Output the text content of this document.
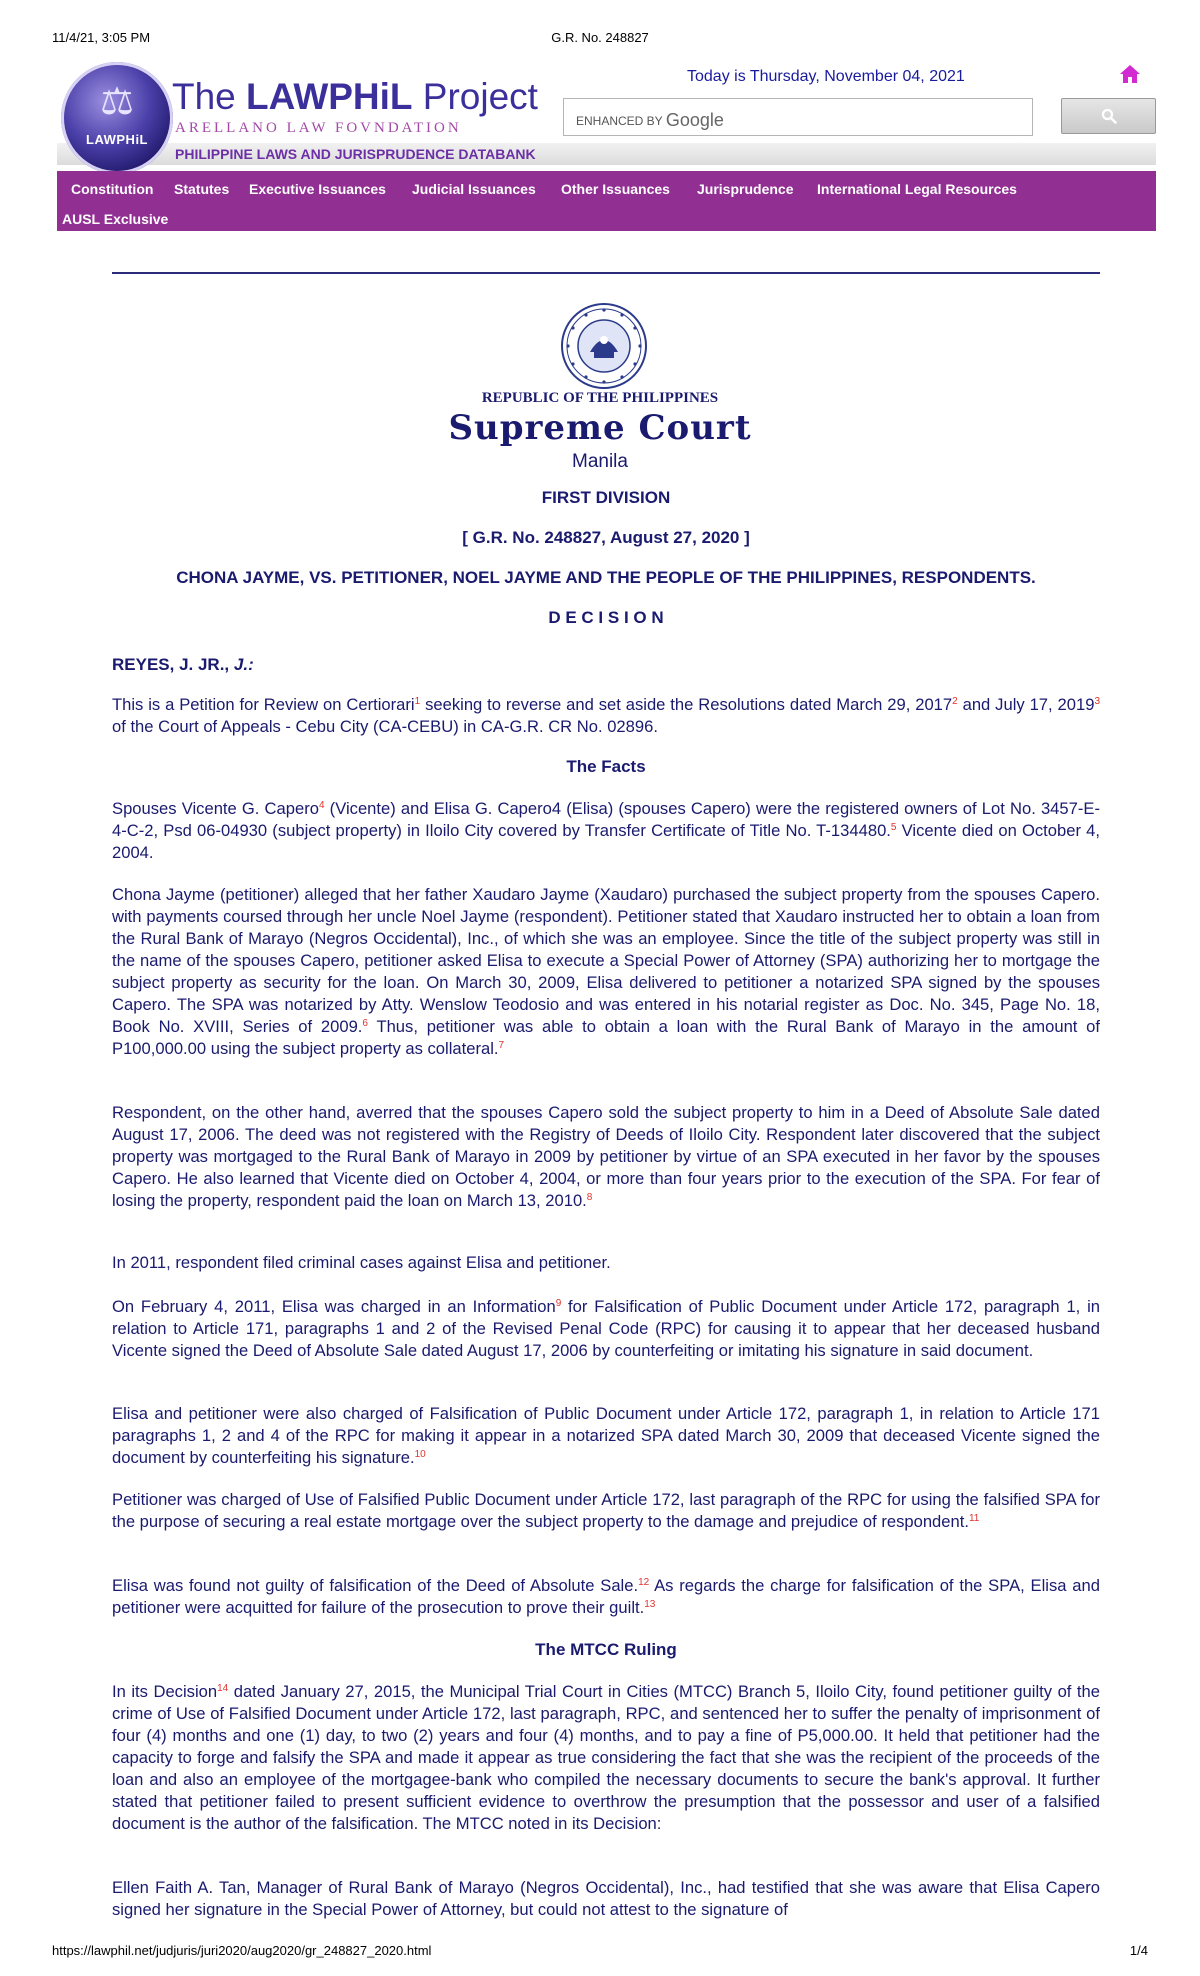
11/4/21, 3:05 PM	G.R. No. 248827
PHILIPPINE LAWS AND JURISPRUDENCE DATABANK
⚖
LAWPHiL
The LAWPHiL Project
ARELLANO LAW FOVNDATION
Today is Thursday, November 04, 2021
ENHANCED BY Google
Constitution Statutes Executive Issuances Judicial Issuances Other Issuances Jurisprudence International Legal Resources
AUSL Exclusive
REPUBLIC OF THE PHILIPPINES
Supreme Court
Manila
FIRST DIVISION
[ G.R. No. 248827, August 27, 2020 ]
CHONA JAYME, VS. PETITIONER, NOEL JAYME AND THE PEOPLE OF THE PHILIPPINES, RESPONDENTS.
D E C I S I O N
REYES, J. JR., J.:
This is a Petition for Review on Certiorari$^1$ seeking to reverse and set aside the Resolutions dated March 29, 2017$^2$ and July 17, 2019$^3$ of the Court of Appeals - Cebu City (CA-CEBU) in CA-G.R. CR No. 02896.
The Facts
Spouses Vicente G. Capero$^4$ (Vicente) and Elisa G. Capero4 (Elisa) (spouses Capero) were the registered owners of Lot No. 3457-E-4-C-2, Psd 06-04930 (subject property) in Iloilo City covered by Transfer Certificate of Title No. T-134480.$^5$ Vicente died on October 4, 2004.
Chona Jayme (petitioner) alleged that her father Xaudaro Jayme (Xaudaro) purchased the subject property from the spouses Capero. with payments coursed through her uncle Noel Jayme (respondent). Petitioner stated that Xaudaro instructed her to obtain a loan from the Rural Bank of Marayo (Negros Occidental), Inc., of which she was an employee. Since the title of the subject property was still in the name of the spouses Capero, petitioner asked Elisa to execute a Special Power of Attorney (SPA) authorizing her to mortgage the subject property as security for the loan. On March 30, 2009, Elisa delivered to petitioner a notarized SPA signed by the spouses Capero. The SPA was notarized by Atty. Wenslow Teodosio and was entered in his notarial register as Doc. No. 345, Page No. 18, Book No. XVIII, Series of 2009.$^6$ Thus, petitioner was able to obtain a loan with the Rural Bank of Marayo in the amount of P100,000.00 using the subject property as collateral.$^7$
Respondent, on the other hand, averred that the spouses Capero sold the subject property to him in a Deed of Absolute Sale dated August 17, 2006. The deed was not registered with the Registry of Deeds of Iloilo City. Respondent later discovered that the subject property was mortgaged to the Rural Bank of Marayo in 2009 by petitioner by virtue of an SPA executed in her favor by the spouses Capero. He also learned that Vicente died on October 4, 2004, or more than four years prior to the execution of the SPA. For fear of losing the property, respondent paid the loan on March 13, 2010.$^8$
In 2011, respondent filed criminal cases against Elisa and petitioner.
On February 4, 2011, Elisa was charged in an Information$^9$ for Falsification of Public Document under Article 172, paragraph 1, in relation to Article 171, paragraphs 1 and 2 of the Revised Penal Code (RPC) for causing it to appear that her deceased husband Vicente signed the Deed of Absolute Sale dated August 17, 2006 by counterfeiting or imitating his signature in said document.
Elisa and petitioner were also charged of Falsification of Public Document under Article 172, paragraph 1, in relation to Article 171 paragraphs 1, 2 and 4 of the RPC for making it appear in a notarized SPA dated March 30, 2009 that deceased Vicente signed the document by counterfeiting his signature.$^{10}$
Petitioner was charged of Use of Falsified Public Document under Article 172, last paragraph of the RPC for using the falsified SPA for the purpose of securing a real estate mortgage over the subject property to the damage and prejudice of respondent.$^{11}$
Elisa was found not guilty of falsification of the Deed of Absolute Sale.$^{12}$ As regards the charge for falsification of the SPA, Elisa and petitioner were acquitted for failure of the prosecution to prove their guilt.$^{13}$
The MTCC Ruling
In its Decision$^{14}$ dated January 27, 2015, the Municipal Trial Court in Cities (MTCC) Branch 5, Iloilo City, found petitioner guilty of the crime of Use of Falsified Document under Article 172, last paragraph, RPC, and sentenced her to suffer the penalty of imprisonment of four (4) months and one (1) day, to two (2) years and four (4) months, and to pay a fine of P5,000.00. It held that petitioner had the capacity to forge and falsify the SPA and made it appear as true considering the fact that she was the recipient of the proceeds of the loan and also an employee of the mortgagee-bank who compiled the necessary documents to secure the bank's approval. It further stated that petitioner failed to present sufficient evidence to overthrow the presumption that the possessor and user of a falsified document is the author of the falsification. The MTCC noted in its Decision:
Ellen Faith A. Tan, Manager of Rural Bank of Marayo (Negros Occidental), Inc., had testified that she was aware that Elisa Capero signed her signature in the Special Power of Attorney, but could not attest to the signature of
https://lawphil.net/judjuris/juri2020/aug2020/gr_248827_2020.html	1/4
